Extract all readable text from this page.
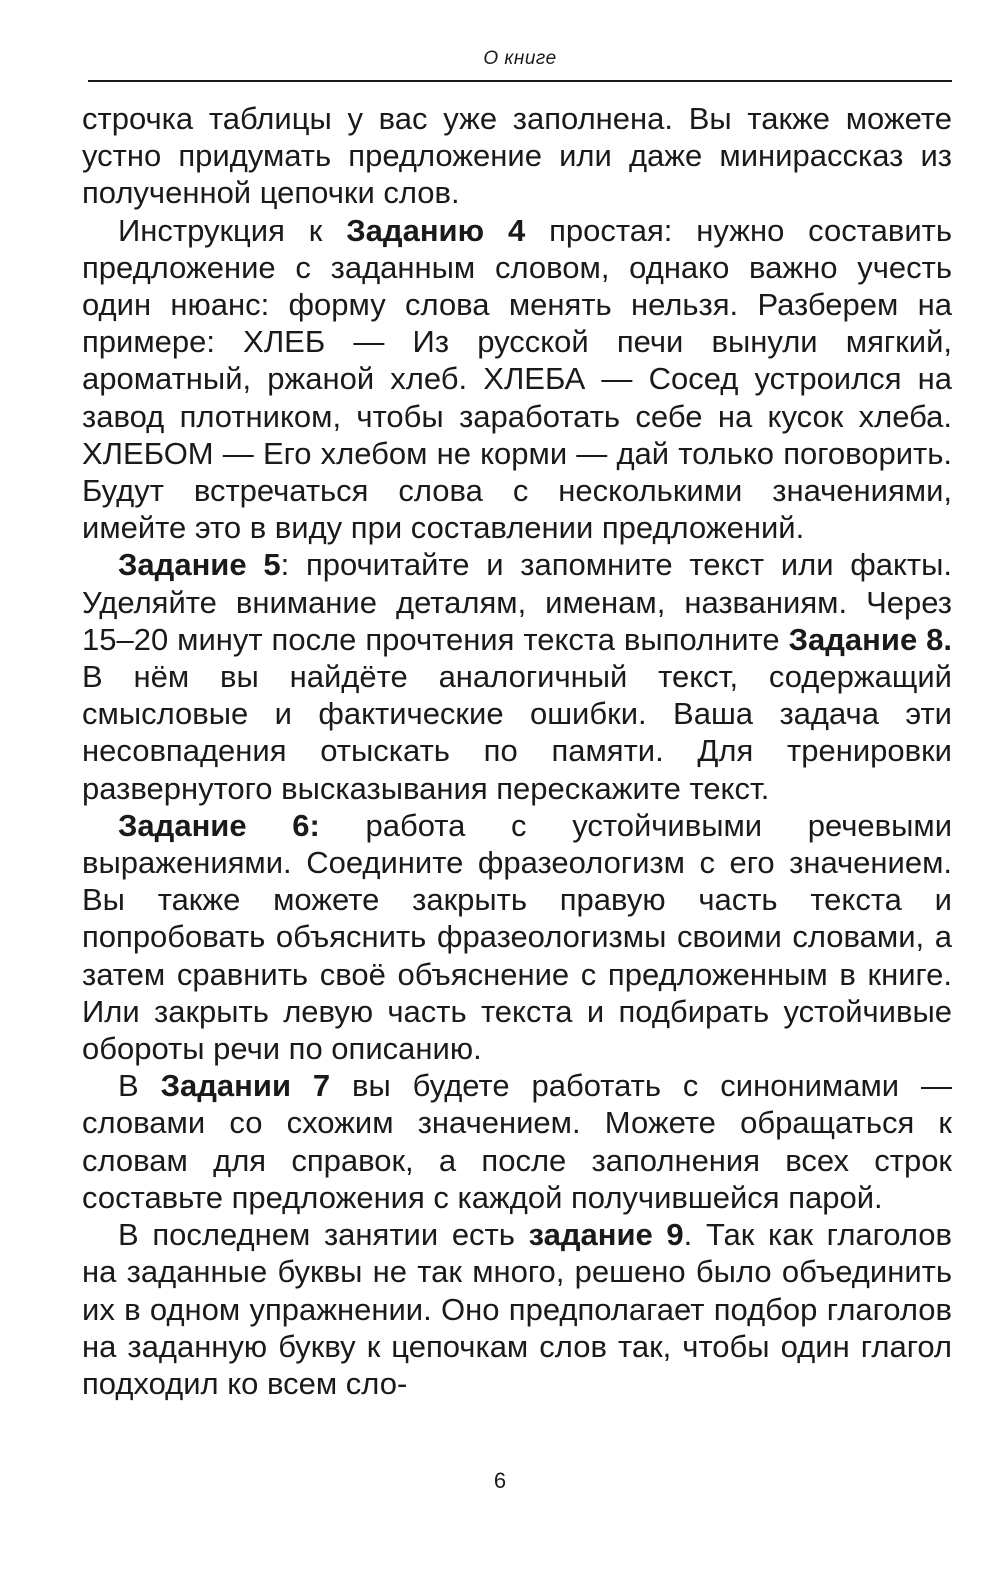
О книге

строчка таблицы у вас уже заполнена. Вы также можете устно придумать предложение или даже минирассказ из полученной цепочки слов.

Инструкция к Заданию 4 простая: нужно составить предложение с заданным словом, однако важно учесть один нюанс: форму слова менять нельзя. Разберем на примере: ХЛЕБ — Из русской печи вынули мягкий, ароматный, ржаной хлеб. ХЛЕБА — Сосед устроился на завод плотником, чтобы заработать себе на кусок хлеба. ХЛЕБОМ — Его хлебом не корми — дай только поговорить. Будут встречаться слова с несколькими значениями, имейте это в виду при составлении предложений.

Задание 5: прочитайте и запомните текст или факты. Уделяйте внимание деталям, именам, названиям. Через 15–20 минут после прочтения текста выполните Задание 8. В нём вы найдёте аналогичный текст, содержащий смысловые и фактические ошибки. Ваша задача эти несовпадения отыскать по памяти. Для тренировки развернутого высказывания перескажите текст.

Задание 6: работа с устойчивыми речевыми выражениями. Соедините фразеологизм с его значением. Вы также можете закрыть правую часть текста и попробовать объяснить фразеологизмы своими словами, а затем сравнить своё объяснение с предложенным в книге. Или закрыть левую часть текста и подбирать устойчивые обороты речи по описанию.

В Задании 7 вы будете работать с синонимами — словами со схожим значением. Можете обращаться к словам для справок, а после заполнения всех строк составьте предложения с каждой получившейся парой.

В последнем занятии есть задание 9. Так как глаголов на заданные буквы не так много, решено было объединить их в одном упражнении. Оно предполагает подбор глаголов на заданную букву к цепочкам слов так, чтобы один глагол подходил ко всем сло-

6
